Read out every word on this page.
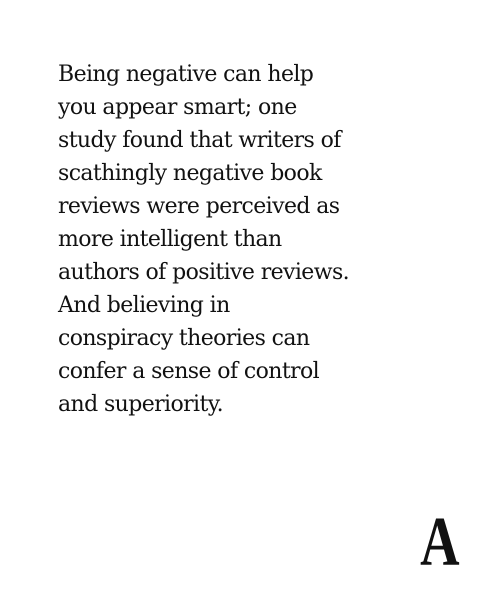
Being negative can help
you appear smart; one
study found that writers of
scathingly negative book
reviews were perceived as
more intelligent than
authors of positive reviews.
And believing in
conspiracy theories can
confer a sense of control
and superiority.

A
